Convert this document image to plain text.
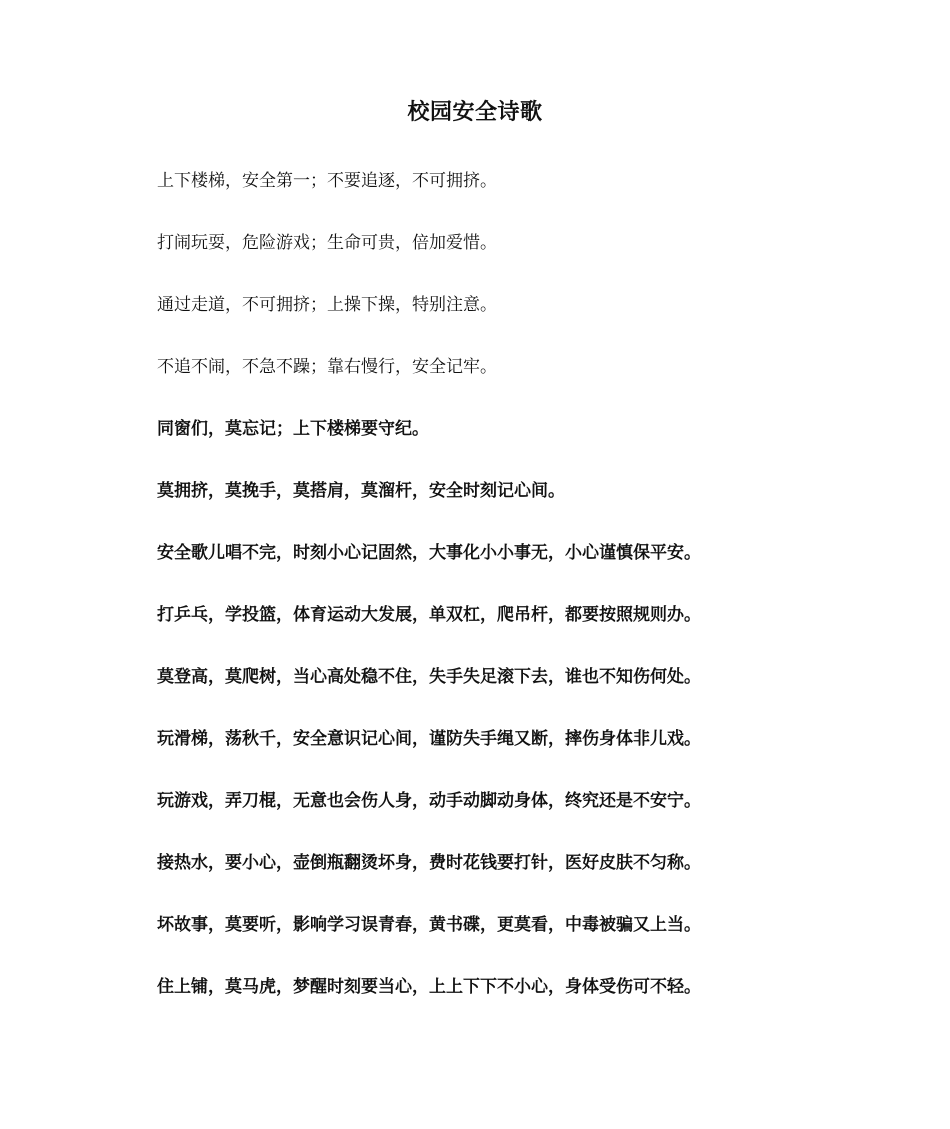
校园安全诗歌
上下楼梯，安全第一；不要追逐，不可拥挤。
打闹玩耍，危险游戏；生命可贵，倍加爱惜。
通过走道，不可拥挤；上操下操，特别注意。
不追不闹，不急不躁；靠右慢行，安全记牢。
同窗们，莫忘记；上下楼梯要守纪。
莫拥挤，莫挽手，莫搭肩，莫溜杆，安全时刻记心间。
安全歌儿唱不完，时刻小心记固然，大事化小小事无，小心谨慎保平安。
打乒乓，学投篮，体育运动大发展，单双杠，爬吊杆，都要按照规则办。
莫登高，莫爬树，当心高处稳不住，失手失足滚下去，谁也不知伤何处。
玩滑梯，荡秋千，安全意识记心间，谨防失手绳又断，摔伤身体非儿戏。
玩游戏，弄刀棍，无意也会伤人身，动手动脚动身体，终究还是不安宁。
接热水，要小心，壶倒瓶翻烫坏身，费时花钱要打针，医好皮肤不匀称。
坏故事，莫要听，影响学习误青春，黄书碟，更莫看，中毒被骗又上当。
住上铺，莫马虎，梦醒时刻要当心，上上下下不小心，身体受伤可不轻。
